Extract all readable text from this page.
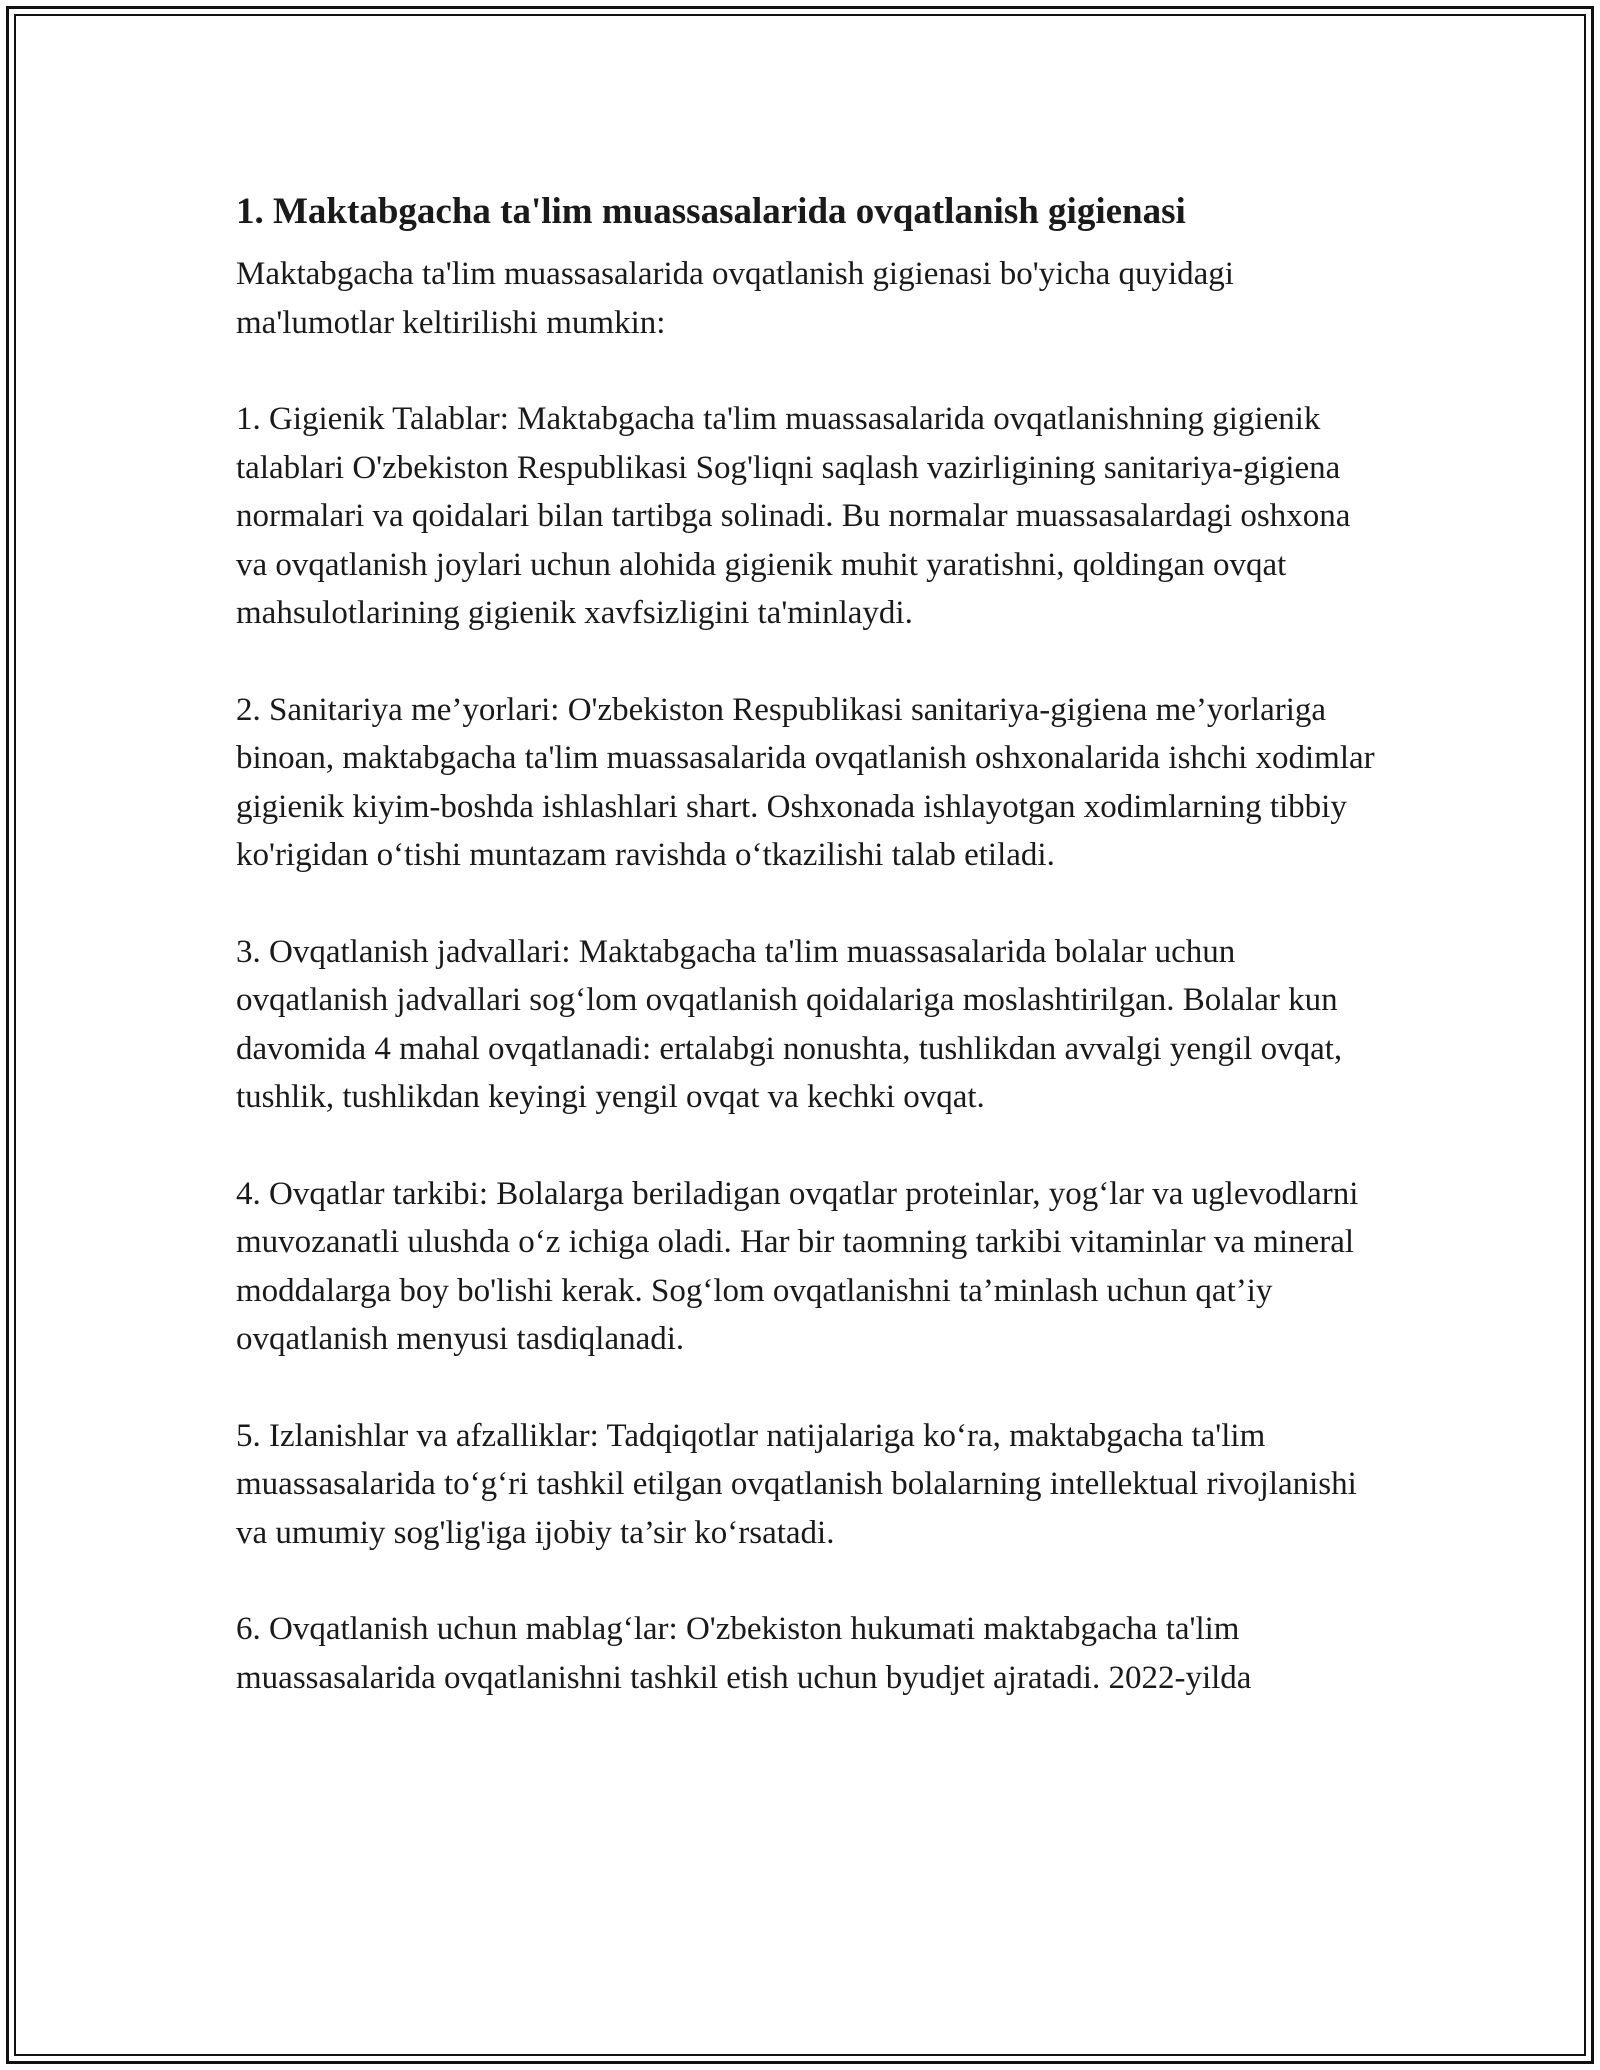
1. Maktabgacha ta'lim muassasalarida ovqatlanish gigienasi

Maktabgacha ta'lim muassasalarida ovqatlanish gigienasi bo'yicha quyidagi ma'lumotlar keltirilishi mumkin:

1. Gigienik Talablar: Maktabgacha ta'lim muassasalarida ovqatlanishning gigienik talablari O'zbekiston Respublikasi Sog'liqni saqlash vazirligining sanitariya-gigiena normalari va qoidalari bilan tartibga solinadi. Bu normalar muassasalardagi oshxona va ovqatlanish joylari uchun alohida gigienik muhit yaratishni, qoldingan ovqat mahsulotlarining gigienik xavfsizligini ta'minlaydi.

2. Sanitariya me’yorlari: O'zbekiston Respublikasi sanitariya-gigiena me’yorlariga binoan, maktabgacha ta'lim muassasalarida ovqatlanish oshxonalarida ishchi xodimlar gigienik kiyim-boshda ishlashlari shart. Oshxonada ishlayotgan xodimlarning tibbiy ko'rigidan o‘tishi muntazam ravishda o‘tkazilishi talab etiladi.

3. Ovqatlanish jadvallari: Maktabgacha ta'lim muassasalarida bolalar uchun ovqatlanish jadvallari sog‘lom ovqatlanish qoidalariga moslashtirilgan. Bolalar kun davomida 4 mahal ovqatlanadi: ertalabgi nonushta, tushlikdan avvalgi yengil ovqat, tushlik, tushlikdan keyingi yengil ovqat va kechki ovqat.

4. Ovqatlar tarkibi: Bolalarga beriladigan ovqatlar proteinlar, yog‘lar va uglevodlarni muvozanatli ulushda o‘z ichiga oladi. Har bir taomning tarkibi vitaminlar va mineral moddalarga boy bo'lishi kerak. Sog‘lom ovqatlanishni ta’minlash uchun qat’iy ovqatlanish menyusi tasdiqlanadi.

5. Izlanishlar va afzalliklar: Tadqiqotlar natijalariga ko‘ra, maktabgacha ta'lim muassasalarida to‘g‘ri tashkil etilgan ovqatlanish bolalarning intellektual rivojlanishi va umumiy sog'lig'iga ijobiy ta’sir ko‘rsatadi.

6. Ovqatlanish uchun mablag‘lar: O'zbekiston hukumati maktabgacha ta'lim muassasalarida ovqatlanishni tashkil etish uchun byudjet ajratadi. 2022-yilda
